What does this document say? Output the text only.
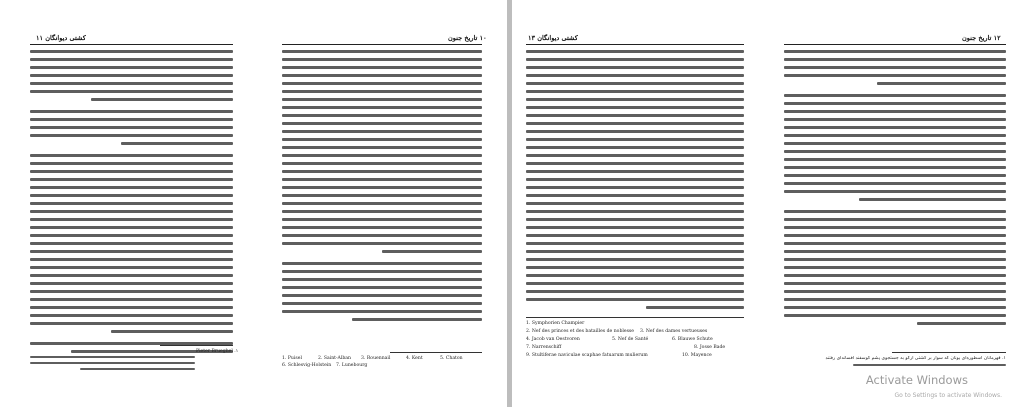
کشتی دیوانگان ۱۱	۱۰ تاریخ جنون
1. Puisel	2. Saint-Alban 3. Rouennail	4. Kent	5. Chaton
6. Schlesvig-Holstein 7. Lunebourg
۱. Pieter Brueghel
کشتی دیوانگان ۱۳	۱۲ تاریخ جنون
1. Symphorien Champier
2. Nef des princes et des batailles de noblesse 3. Nef des dames vertueuses
4. Jacob van Oestvoren	5. Nef de Santé	6. Blauwe Schute
7. Narrenschiff	8. Josse Bade
9. Stultiferae naviculae scaphae fatuarum mulierum	10. Mayence
۱. قهرمانان اسطوره‌ای یونان که سوار بر کشتی آرگو به جستجوی پشم گوسفند افسانه‌ای رفتند
Activate Windows
Go to Settings to activate Windows.
